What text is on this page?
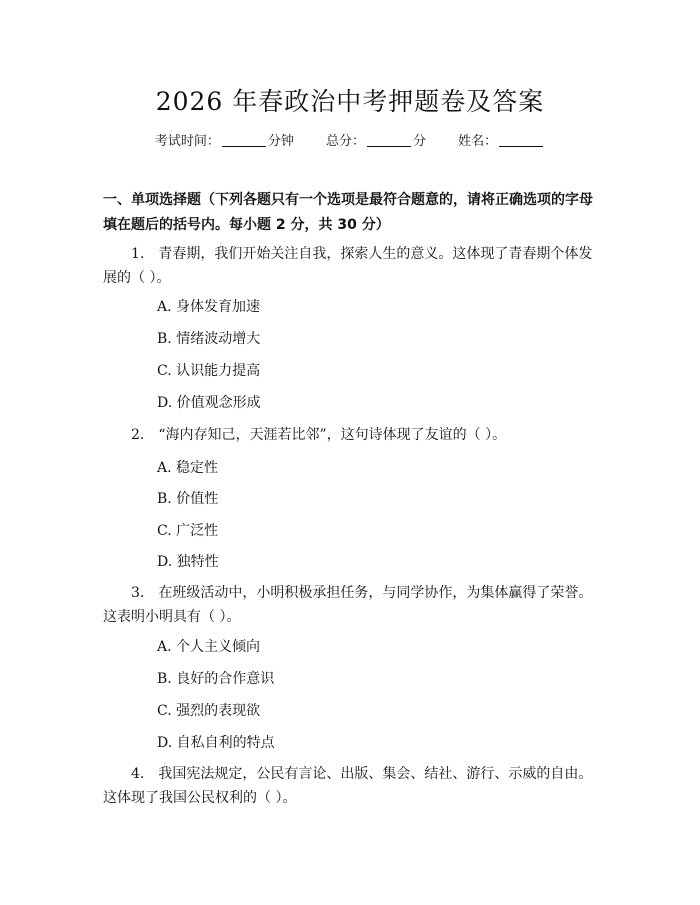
2026 年春政治中考押题卷及答案
考试时间：	分钟 总分：	分 姓名：
一、单项选择题（下列各题只有一个选项是最符合题意的，请将正确选项的字母填在题后的括号内。每小题 2 分，共 30 分）
1.　青春期，我们开始关注自我，探索人生的意义。这体现了青春期个体发展的（ ）。
A. 身体发育加速
B. 情绪波动增大
C. 认识能力提高
D. 价值观念形成
2.　“海内存知己，天涯若比邻”，这句诗体现了友谊的（ ）。
A. 稳定性
B. 价值性
C. 广泛性
D. 独特性
3.　在班级活动中，小明积极承担任务，与同学协作，为集体赢得了荣誉。这表明小明具有（ ）。
A. 个人主义倾向
B. 良好的合作意识
C. 强烈的表现欲
D. 自私自利的特点
4.　我国宪法规定，公民有言论、出版、集会、结社、游行、示威的自由。这体现了我国公民权利的（ ）。
